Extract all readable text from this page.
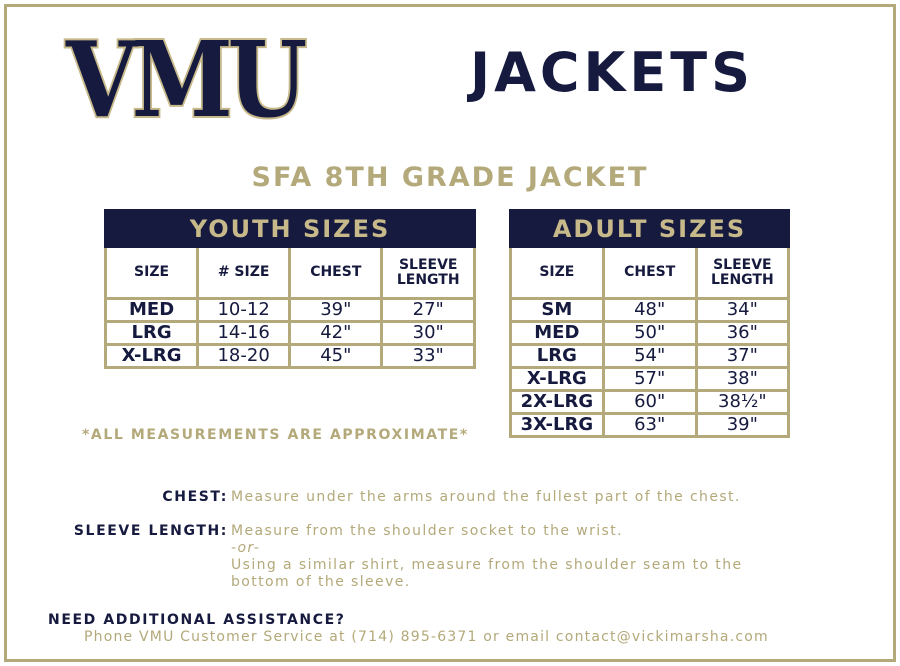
VMU	JACKETS
SFA 8TH GRADE JACKET
YOUTH SIZES			
SIZE	# SIZE	CHEST	SLEEVE LENGTH
MED	10-12	39"	27"
LRG	14-16	42"	30"
X-LRG	18-20	45"	33"
ADULT SIZES		
SIZE	CHEST	SLEEVE LENGTH
SM	48"	34"
MED	50"	36"
LRG	54"	37"
X-LRG	57"	38"
2X-LRG	60"	38½"
3X-LRG	63"	39"
*ALL MEASUREMENTS ARE APPROXIMATE*
CHEST: Measure under the arms around the fullest part of the chest.
SLEEVE LENGTH: Measure from the shoulder socket to the wrist.
-or-
Using a similar shirt, measure from the shoulder seam to the
bottom of the sleeve.
NEED ADDITIONAL ASSISTANCE?
Phone VMU Customer Service at (714) 895-6371 or email contact@vickimarsha.com
